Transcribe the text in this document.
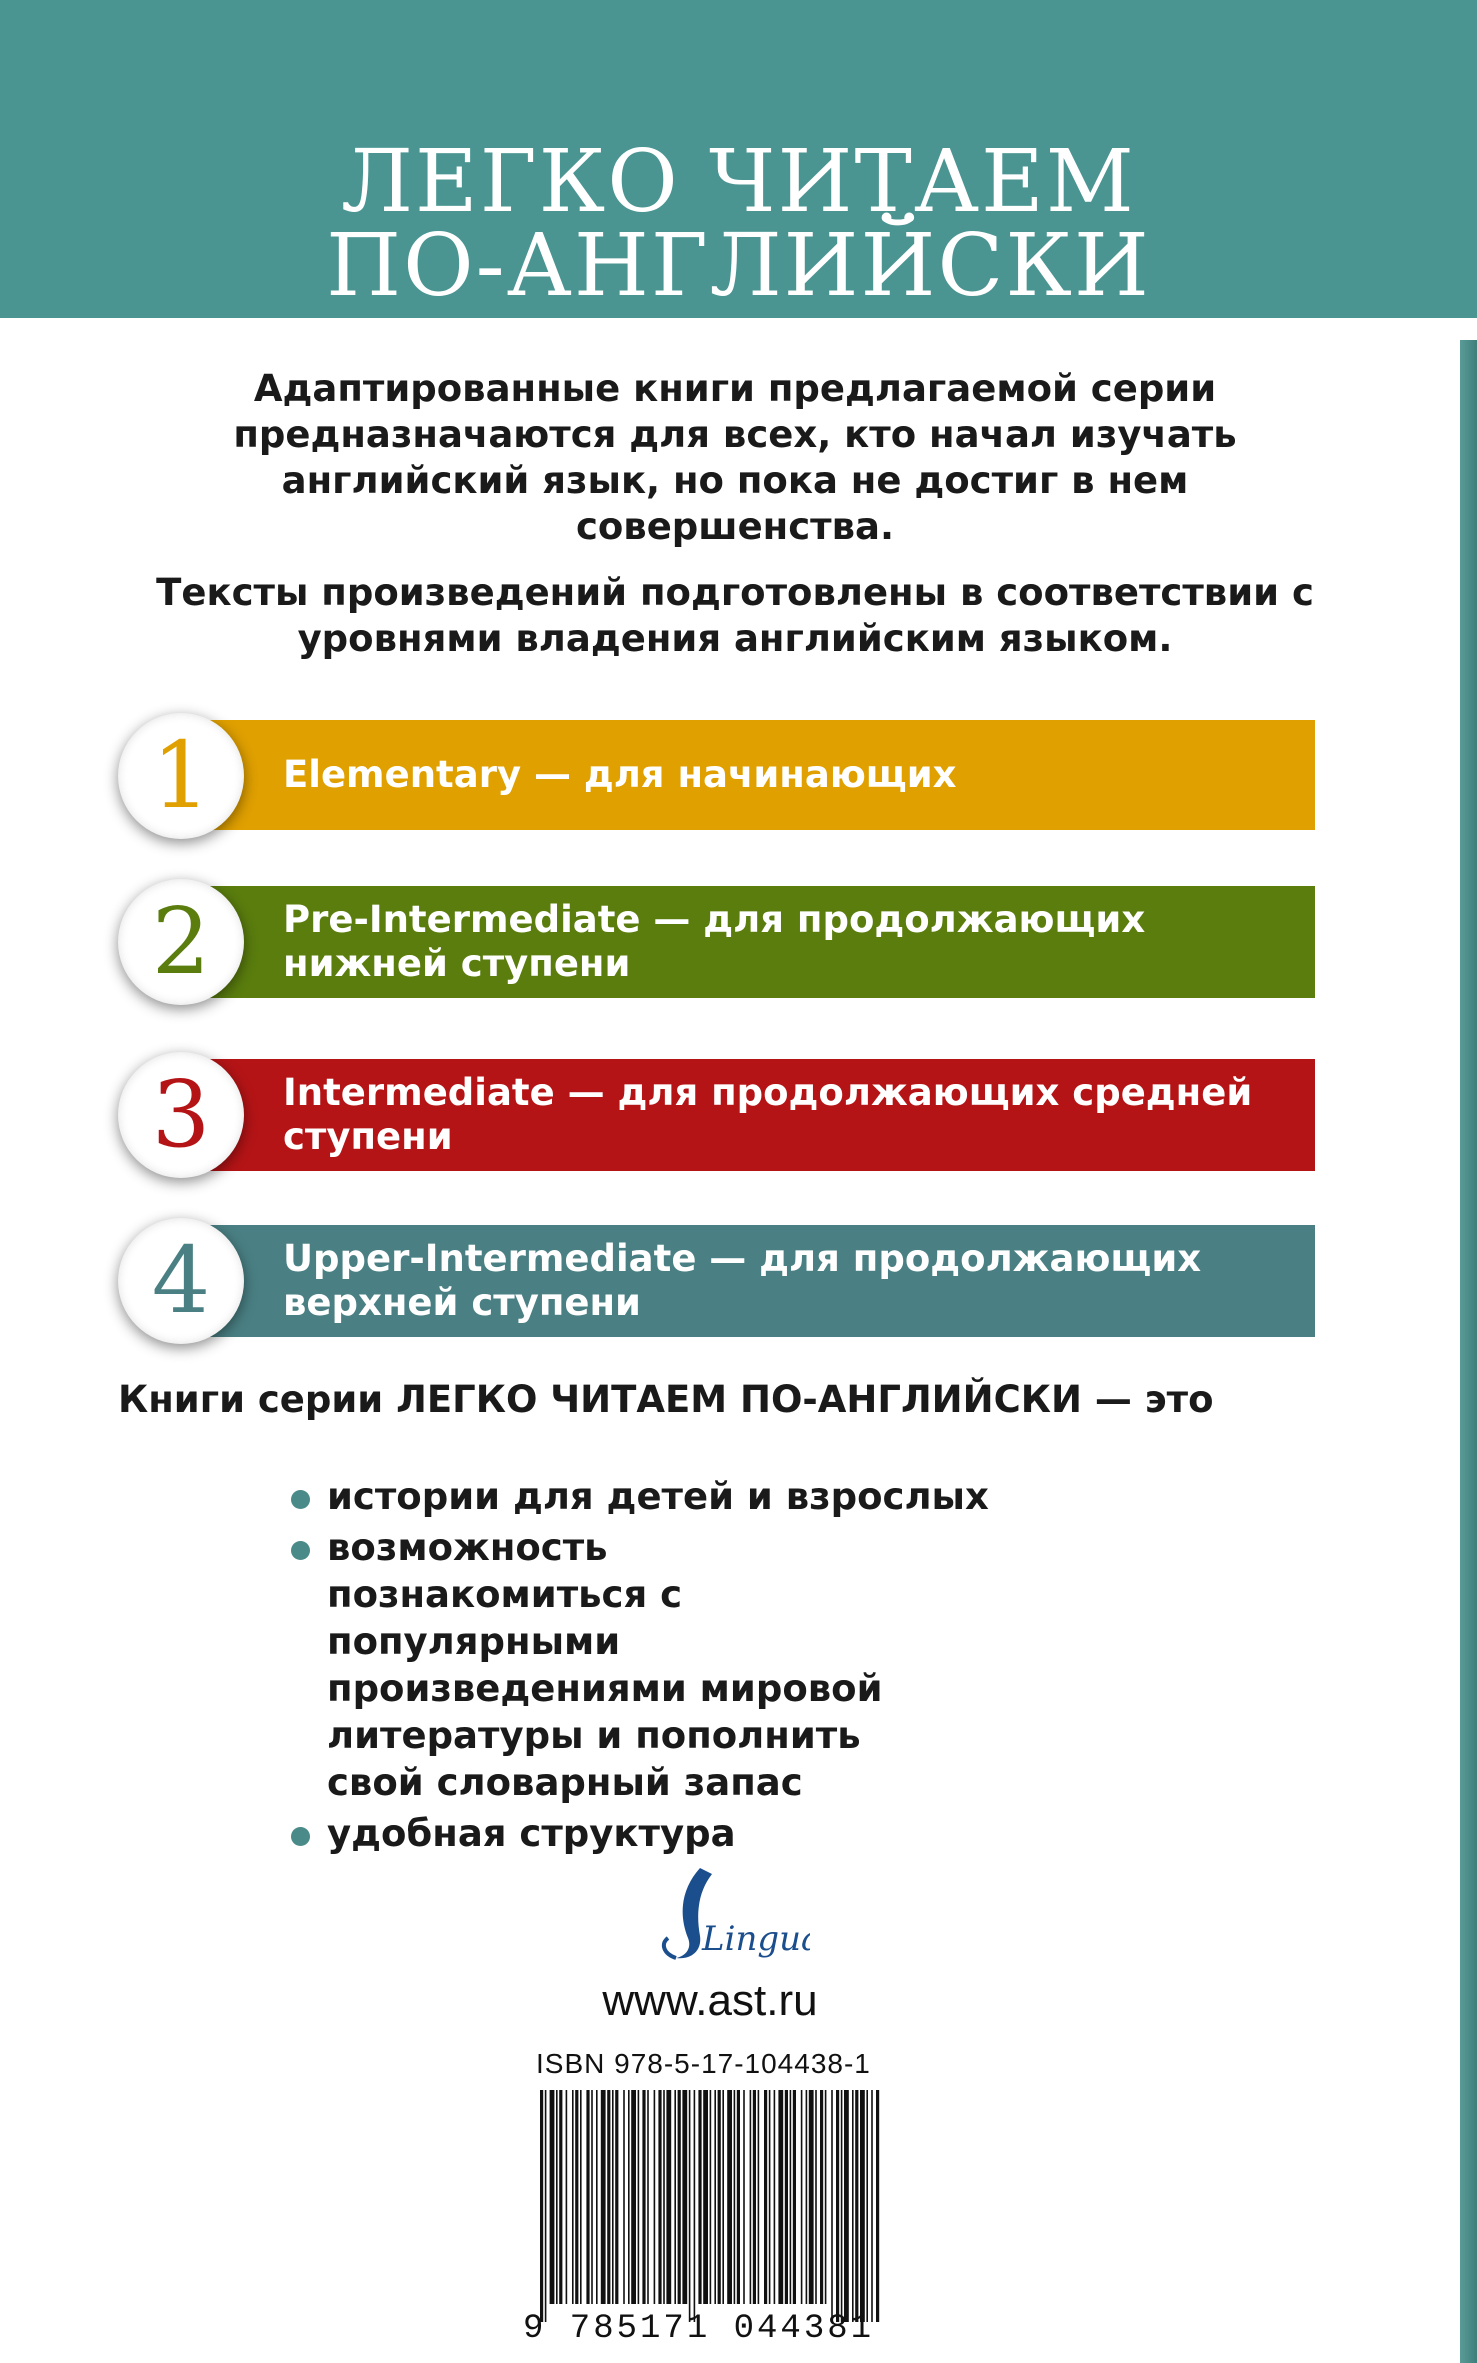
ЛЕГКО ЧИТАЕМ
ПО-АНГЛИЙСКИ
Адаптированные книги предлагаемой серии предназначаются для всех, кто начал изучать английский язык, но пока не достиг в нем совершенства.
Тексты произведений подготовлены в соответствии с уровнями владения английским языком.
1	Elementary — для начинающих
2	Pre-Intermediate — для продолжающих нижней ступени
3	Intermediate — для продолжающих средней ступени
4	Upper-Intermediate — для продолжающих верхней ступени
Книги серии ЛЕГКО ЧИТАЕМ ПО-АНГЛИЙСКИ — это
истории для детей и взрослых
возможность познакомиться с популярными произведениями мировой литературы и пополнить свой словарный запас
удобная структура
Lingua
www.ast.ru
ISBN 978-5-17-104438-1
9 785171 044381
